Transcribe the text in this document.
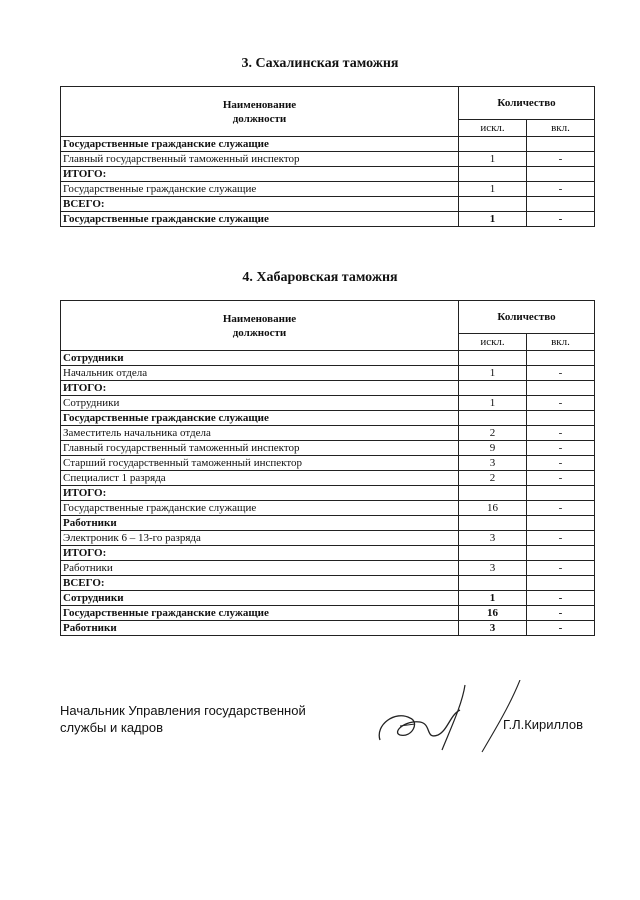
3. Сахалинская таможня
Наименование
должности	Количество	
	искл.	вкл.
Государственные гражданские служащие		
Главный государственный таможенный инспектор	1	-
ИТОГО:		
Государственные гражданские служащие	1	-
ВСЕГО:		
Государственные гражданские служащие	1	-
4. Хабаровская таможня
Наименование
должности	Количество	
	искл.	вкл.
Сотрудники		
Начальник отдела	1	-
ИТОГО:		
Сотрудники	1	-
Государственные гражданские служащие		
Заместитель начальника отдела	2	-
Главный государственный таможенный инспектор	9	-
Старший государственный таможенный инспектор	3	-
Специалист 1 разряда	2	-
ИТОГО:		
Государственные гражданские служащие	16	-
Работники		
Электроник 6 – 13-го разряда	3	-
ИТОГО:		
Работники	3	-
ВСЕГО:		
Сотрудники	1	-
Государственные гражданские служащие	16	-
Работники	3	-
Начальник Управления государственной
службы и кадров	Г.Л.Кириллов
